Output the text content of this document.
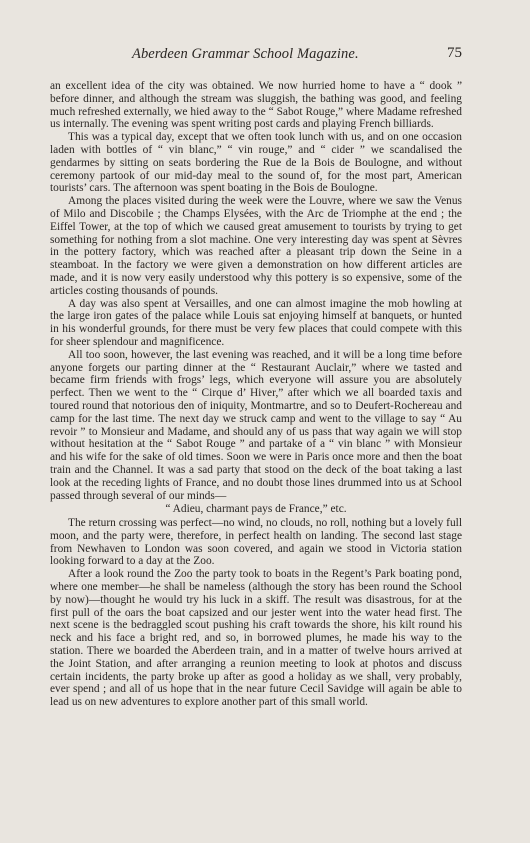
Aberdeen Grammar School Magazine.	75

an excellent idea of the city was obtained. We now hurried home to have a “ dook ” before dinner, and although the stream was sluggish, the bathing was good, and feeling much refreshed externally, we hied away to the “ Sabot Rouge,” where Madame refreshed us internally. The evening was spent writing post cards and playing French billiards.

This was a typical day, except that we often took lunch with us, and on one occasion laden with bottles of “ vin blanc,” “ vin rouge,” and “ cider ” we scandalised the gendarmes by sitting on seats bordering the Rue de la Bois de Boulogne, and without ceremony partook of our mid-day meal to the sound of, for the most part, American tourists’ cars. The afternoon was spent boating in the Bois de Boulogne.

Among the places visited during the week were the Louvre, where we saw the Venus of Milo and Discobile ; the Champs Elysées, with the Arc de Triomphe at the end ; the Eiffel Tower, at the top of which we caused great amusement to tourists by trying to get something for nothing from a slot machine. One very interesting day was spent at Sèvres in the pottery factory, which was reached after a pleasant trip down the Seine in a steamboat. In the factory we were given a demonstration on how different articles are made, and it is now very easily understood why this pottery is so expensive, some of the articles costing thousands of pounds.

A day was also spent at Versailles, and one can almost imagine the mob howling at the large iron gates of the palace while Louis sat enjoying himself at banquets, or hunted in his wonderful grounds, for there must be very few places that could compete with this for sheer splendour and magnificence.

All too soon, however, the last evening was reached, and it will be a long time before anyone forgets our parting dinner at the “ Restaurant Auclair,” where we tasted and became firm friends with frogs’ legs, which everyone will assure you are absolutely perfect. Then we went to the “ Cirque d’ Hiver,” after which we all boarded taxis and toured round that notorious den of iniquity, Montmartre, and so to Deufert-Rochereau and camp for the last time. The next day we struck camp and went to the village to say “ Au revoir ” to Monsieur and Madame, and should any of us pass that way again we will stop without hesitation at the “ Sabot Rouge ” and partake of a “ vin blanc ” with Monsieur and his wife for the sake of old times. Soon we were in Paris once more and then the boat train and the Channel. It was a sad party that stood on the deck of the boat taking a last look at the receding lights of France, and no doubt those lines drummed into us at School passed through several of our minds—

“ Adieu, charmant pays de France,” etc.

The return crossing was perfect—no wind, no clouds, no roll, nothing but a lovely full moon, and the party were, therefore, in perfect health on landing. The second last stage from Newhaven to London was soon covered, and again we stood in Victoria station looking forward to a day at the Zoo.

After a look round the Zoo the party took to boats in the Regent’s Park boating pond, where one member—he shall be nameless (although the story has been round the School by now)—thought he would try his luck in a skiff. The result was disastrous, for at the first pull of the oars the boat capsized and our jester went into the water head first. The next scene is the bedraggled scout pushing his craft towards the shore, his kilt round his neck and his face a bright red, and so, in borrowed plumes, he made his way to the station. There we boarded the Aberdeen train, and in a matter of twelve hours arrived at the Joint Station, and after arranging a reunion meeting to look at photos and discuss certain incidents, the party broke up after as good a holiday as we shall, very probably, ever spend ; and all of us hope that in the near future Cecil Savidge will again be able to lead us on new adventures to explore another part of this small world.
